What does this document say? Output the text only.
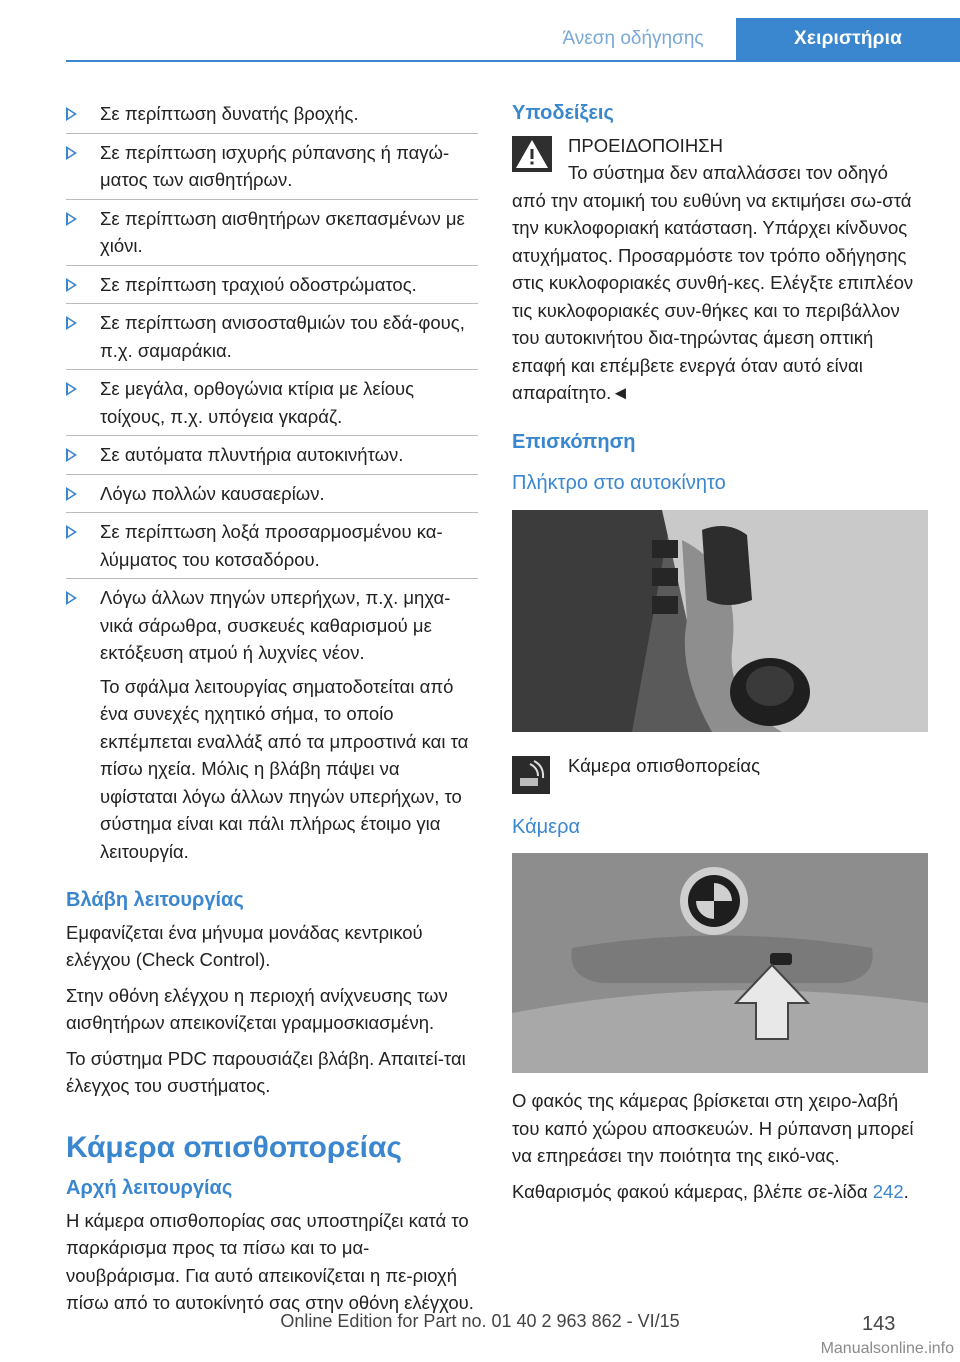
Άνεση οδήγησης	Χειριστήρια
Σε περίπτωση δυνατής βροχής.
Σε περίπτωση ισχυρής ρύπανσης ή παγώ‐ματος των αισθητήρων.
Σε περίπτωση αισθητήρων σκεπασμένων με χιόνι.
Σε περίπτωση τραχιού οδοστρώματος.
Σε περίπτωση ανισοσταθμιών του εδά‐φους, π.χ. σαμαράκια.
Σε μεγάλα, ορθογώνια κτίρια με λείους τοίχους, π.χ. υπόγεια γκαράζ.
Σε αυτόματα πλυντήρια αυτοκινήτων.
Λόγω πολλών καυσαερίων.
Σε περίπτωση λοξά προσαρμοσμένου κα‐λύμματος του κοτσαδόρου.
Λόγω άλλων πηγών υπερήχων, π.χ. μηχα‐νικά σάρωθρα, συσκευές καθαρισμού με εκτόξευση ατμού ή λυχνίες νέον.
Το σφάλμα λειτουργίας σηματοδοτείται από ένα συνεχές ηχητικό σήμα, το οποίο εκπέμπεται εναλλάξ από τα μπροστινά και τα πίσω ηχεία. Μόλις η βλάβη πάψει να υφίσταται λόγω άλλων πηγών υπερήχων, το σύστημα είναι και πάλι πλήρως έτοιμο για λειτουργία.
Βλάβη λειτουργίας

Εμφανίζεται ένα μήνυμα μονάδας κεντρικού ελέγχου (Check Control).

Στην οθόνη ελέγχου η περιοχή ανίχνευσης των αισθητήρων απεικονίζεται γραμμοσκιασμένη.

Το σύστημα PDC παρουσιάζει βλάβη. Απαιτεί‐ται έλεγχος του συστήματος.

Κάμερα οπισθοπορείας
Αρχή λειτουργίας

Η κάμερα οπισθοπορίας σας υποστηρίζει κατά το παρκάρισμα προς τα πίσω και το μα‐νουβράρισμα. Για αυτό απεικονίζεται η πε‐ριοχή πίσω από το αυτοκίνητό σας στην οθόνη ελέγχου.

Υποδείξεις
ΠΡΟΕΙΔΟΠΟΙΗΣΗ
Το σύστημα δεν απαλλάσσει τον οδηγό
από την ατομική του ευθύνη να εκτιμήσει σω‐στά την κυκλοφοριακή κατάσταση. Υπάρχει κίνδυνος ατυχήματος. Προσαρμόστε τον τρόπο οδήγησης στις κυκλοφοριακές συνθή‐κες. Ελέγξτε επιπλέον τις κυκλοφοριακές συν‐θήκες και το περιβάλλον του αυτοκινήτου δια‐τηρώντας άμεση οπτική επαφή και επέμβετε ενεργά όταν αυτό είναι απαραίτητο.◄
Επισκόπηση
Πλήκτρο στο αυτοκίνητο
Κάμερα οπισθοπορείας
Κάμερα

Ο φακός της κάμερας βρίσκεται στη χειρο‐λαβή του καπό χώρου αποσκευών. Η ρύπανση μπορεί να επηρεάσει την ποιότητα της εικό‐νας.

Καθαρισμός φακού κάμερας, βλέπε σε‐λίδα 242.

143
Online Edition for Part no. 01 40 2 963 862 - VI/15
Manualsonline.info
